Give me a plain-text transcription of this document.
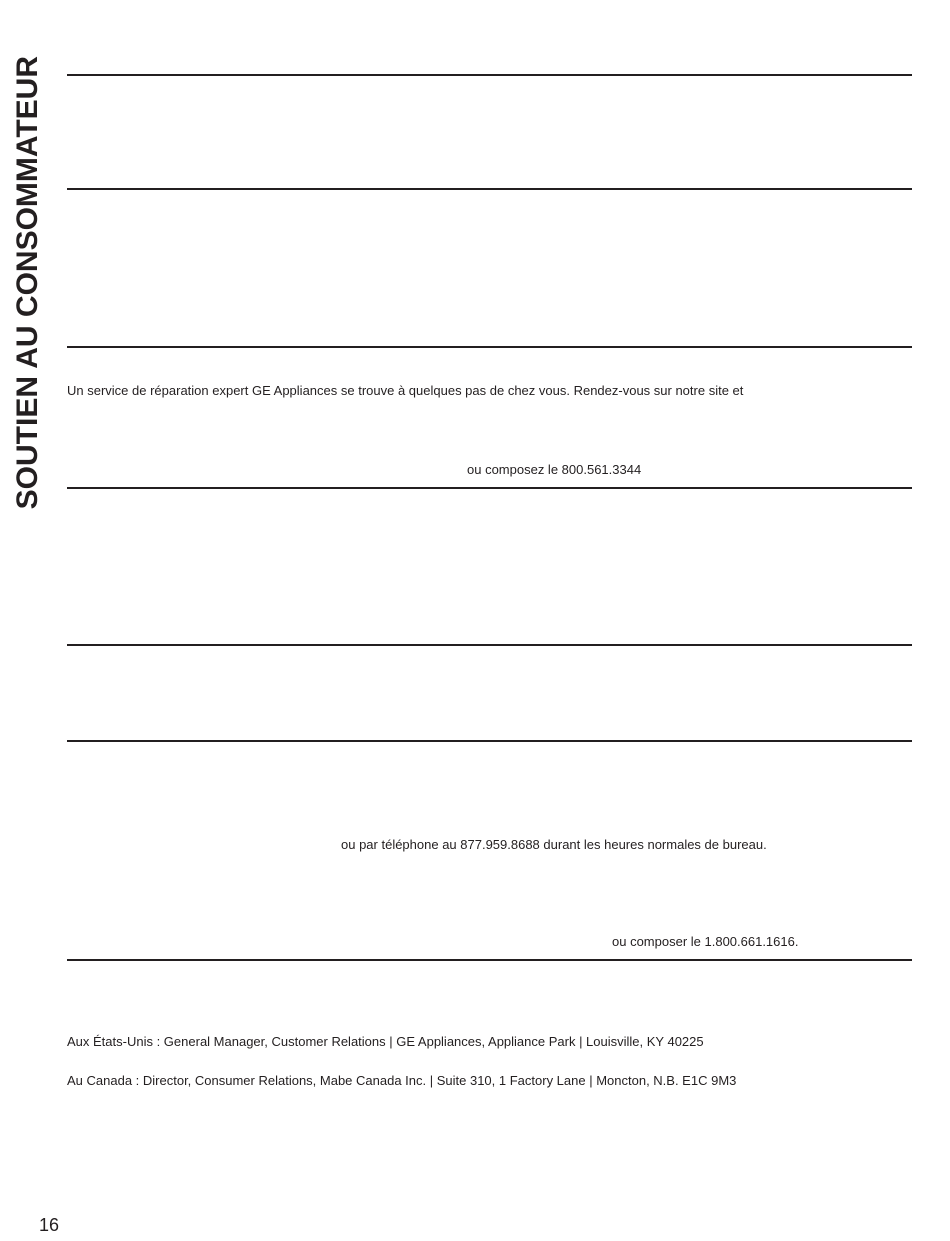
SOUTIEN AU CONSOMMATEUR Un service de réparation expert GE Appliances se trouve à quelques pas de chez vous. Rendez-vous sur notre site et
ou composez le 800.561.3344
ou par téléphone au 877.959.8688 durant les heures normales de bureau.
ou composer le 1.800.661.1616.
Aux États-Unis : General Manager, Customer Relations | GE Appliances, Appliance Park | Louisville, KY 40225
Au Canada : Director, Consumer Relations, Mabe Canada Inc. | Suite 310, 1 Factory Lane | Moncton, N.B. E1C 9M3
16
